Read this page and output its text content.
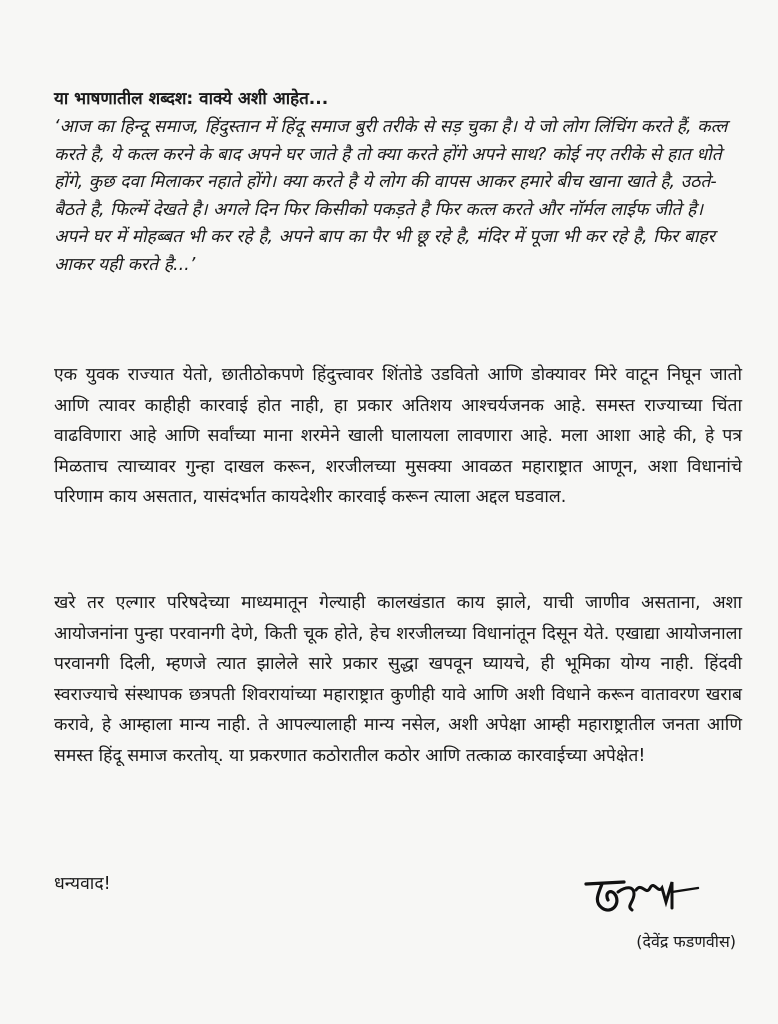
या भाषणातील शब्दश: वाक्ये अशी आहेत...
‘आज का हिन्दू समाज, हिंदुस्तान में हिंदू समाज बुरी तरीके से सड़ चुका है। ये जो लोग लिंचिंग करते हैं, कत्ल करते है, ये कत्ल करने के बाद अपने घर जाते है तो क्या करते होंगे अपने साथ? कोई नए तरीके से हात धोते होंगे, कुछ दवा मिलाकर नहाते होंगे। क्या करते है ये लोग की वापस आकर हमारे बीच खाना खाते है, उठते-बैठते है, फिल्में देखते है। अगले दिन फिर किसीको पकड़ते है फिर कत्ल करते और नॉर्मल लाईफ जीते है। अपने घर में मोहब्बत भी कर रहे है, अपने बाप का पैर भी छू रहे है, मंदिर में पूजा भी कर रहे है, फिर बाहर आकर यही करते है...’
एक युवक राज्यात येतो, छातीठोकपणे हिंदुत्त्वावर शिंतोडे उडवितो आणि डोक्यावर मिरे वाटून निघून जातो आणि त्यावर काहीही कारवाई होत नाही, हा प्रकार अतिशय आश्चर्यजनक आहे. समस्त राज्याच्या चिंता वाढविणारा आहे आणि सर्वांच्या माना शरमेने खाली घालायला लावणारा आहे. मला आशा आहे की, हे पत्र मिळताच त्याच्यावर गुन्हा दाखल करून, शरजीलच्या मुसक्या आवळत महाराष्ट्रात आणून, अशा विधानांचे परिणाम काय असतात, यासंदर्भात कायदेशीर कारवाई करून त्याला अद्दल घडवाल.
खरे तर एल्गार परिषदेच्या माध्यमातून गेल्याही कालखंडात काय झाले, याची जाणीव असताना, अशा आयोजनांना पुन्हा परवानगी देणे, किती चूक होते, हेच शरजीलच्या विधानांतून दिसून येते. एखाद्या आयोजनाला परवानगी दिली, म्हणजे त्यात झालेले सारे प्रकार सुद्धा खपवून घ्यायचे, ही भूमिका योग्य नाही. हिंदवी स्वराज्याचे संस्थापक छत्रपती शिवरायांच्या महाराष्ट्रात कुणीही यावे आणि अशी विधाने करून वातावरण खराब करावे, हे आम्हाला मान्य नाही. ते आपल्यालाही मान्य नसेल, अशी अपेक्षा आम्ही महाराष्ट्रातील जनता आणि समस्त हिंदू समाज करतोय्. या प्रकरणात कठोरातील कठोर आणि तत्काळ कारवाईच्या अपेक्षेत!
धन्यवाद!
(देवेंद्र फडणवीस)
